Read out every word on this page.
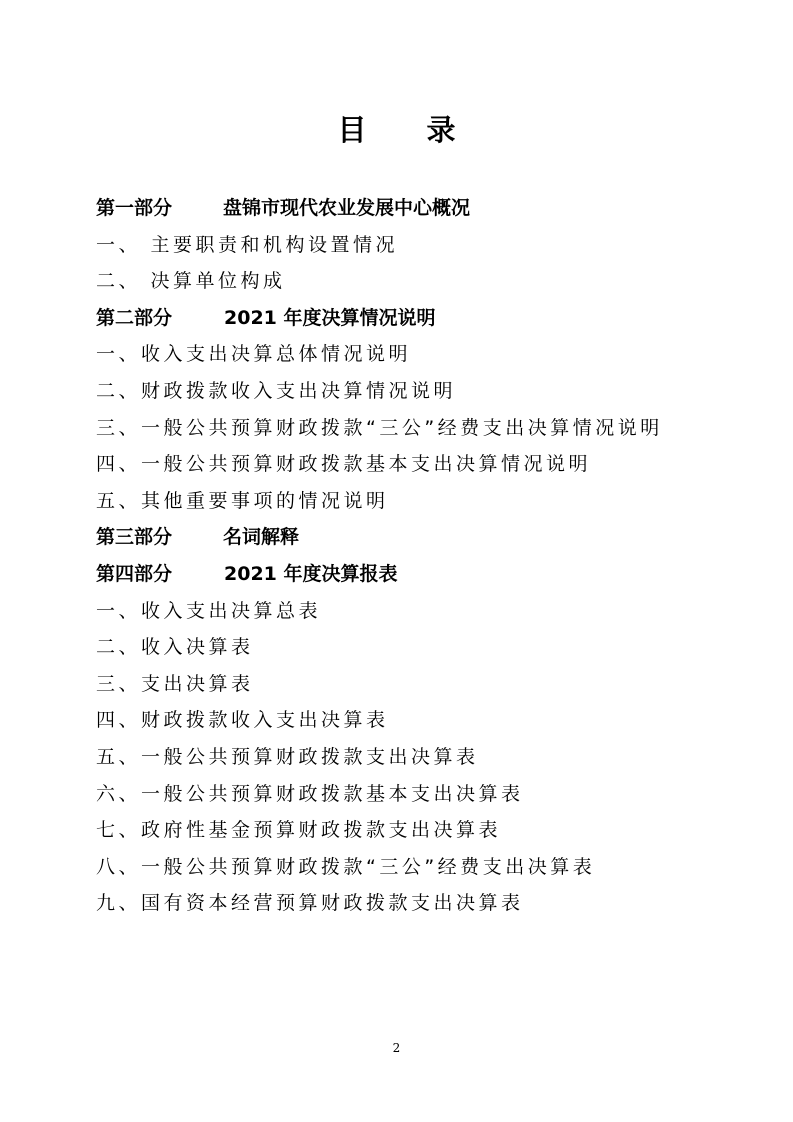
目录
第一部分	盘锦市现代农业发展中心概况
一、 主要职责和机构设置情况
二、 决算单位构成
第二部分	2021 年度决算情况说明
一、收入支出决算总体情况说明
二、财政拨款收入支出决算情况说明
三、一般公共预算财政拨款“三公”经费支出决算情况说明
四、一般公共预算财政拨款基本支出决算情况说明
五、其他重要事项的情况说明
第三部分	名词解释
第四部分	2021 年度决算报表
一、收入支出决算总表
二、收入决算表
三、支出决算表
四、财政拨款收入支出决算表
五、一般公共预算财政拨款支出决算表
六、一般公共预算财政拨款基本支出决算表
七、政府性基金预算财政拨款支出决算表
八、一般公共预算财政拨款“三公”经费支出决算表
九、国有资本经营预算财政拨款支出决算表
2
